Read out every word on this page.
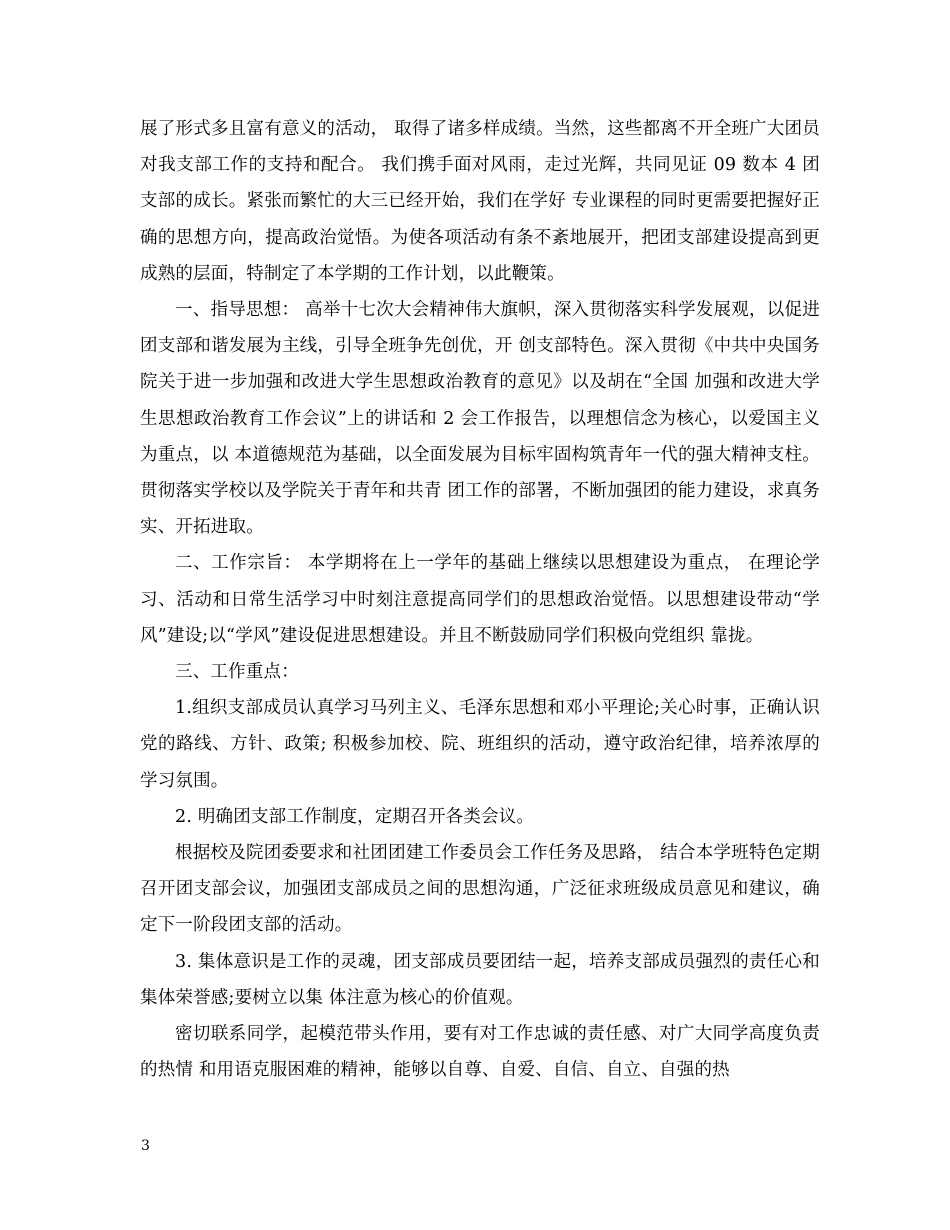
展了形式多且富有意义的活动， 取得了诸多样成绩。当然，这些都离不开全班广大团员对我支部工作的支持和配合。 我们携手面对风雨，走过光辉，共同见证 09 数本 4 团支部的成长。紧张而繁忙的大三已经开始，我们在学好 专业课程的同时更需要把握好正确的思想方向，提高政治觉悟。为使各项活动有条不紊地展开，把团支部建设提高到更成熟的层面，特制定了本学期的工作计划，以此鞭策。

一、指导思想： 高举十七次大会精神伟大旗帜，深入贯彻落实科学发展观，以促进团支部和谐发展为主线，引导全班争先创优，开 创支部特色。深入贯彻《中共中央国务院关于进一步加强和改进大学生思想政治教育的意见》以及胡在“全国 加强和改进大学生思想政治教育工作会议”上的讲话和 2 会工作报告，以理想信念为核心，以爱国主义为重点，以 本道德规范为基础，以全面发展为目标牢固构筑青年一代的强大精神支柱。贯彻落实学校以及学院关于青年和共青 团工作的部署，不断加强团的能力建设，求真务实、开拓进取。

二、工作宗旨： 本学期将在上一学年的基础上继续以思想建设为重点， 在理论学习、活动和日常生活学习中时刻注意提高同学们的思想政治觉悟。以思想建设带动“学风”建设;以“学风”建设促进思想建设。并且不断鼓励同学们积极向党组织 靠拢。

三、工作重点：

1.组织支部成员认真学习马列主义、毛泽东思想和邓小平理论;关心时事，正确认识党的路线、方针、政策; 积极参加校、院、班组织的活动，遵守政治纪律，培养浓厚的学习氛围。

2. 明确团支部工作制度，定期召开各类会议。

根据校及院团委要求和社团团建工作委员会工作任务及思路， 结合本学班特色定期召开团支部会议，加强团支部成员之间的思想沟通，广泛征求班级成员意见和建议，确定下一阶段团支部的活动。

3. 集体意识是工作的灵魂，团支部成员要团结一起，培养支部成员强烈的责任心和集体荣誉感;要树立以集 体注意为核心的价值观。

密切联系同学，起模范带头作用，要有对工作忠诚的责任感、对广大同学高度负责的热情 和用语克服困难的精神，能够以自尊、自爱、自信、自立、自强的热

3
